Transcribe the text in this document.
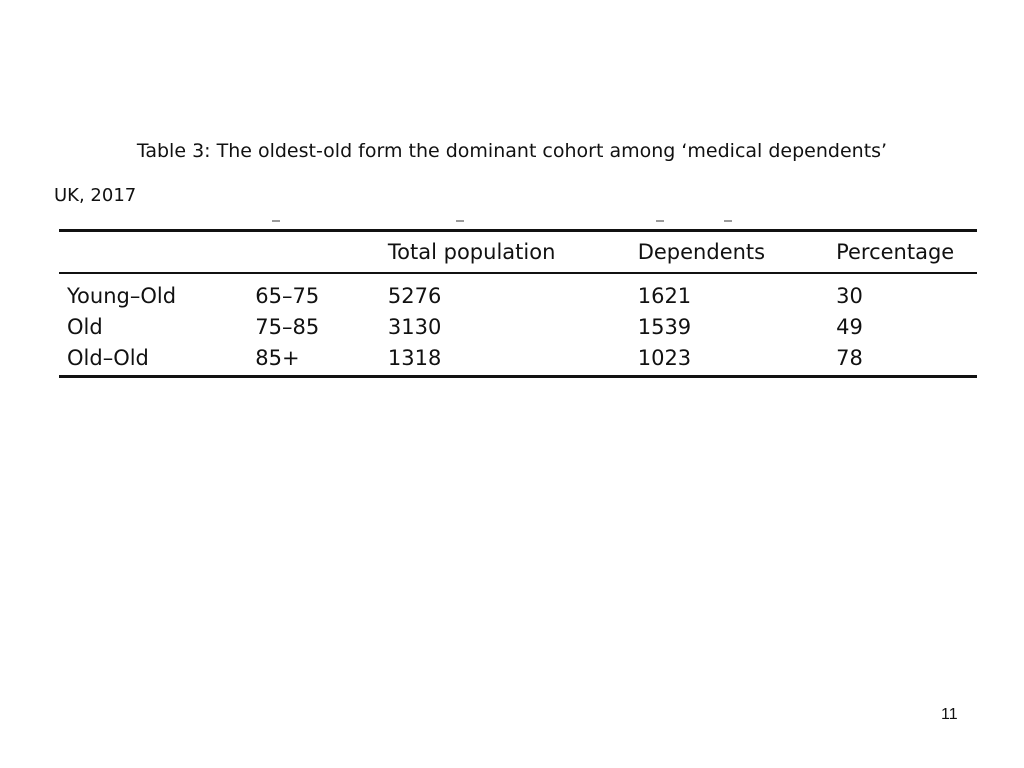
Table 3: The oldest-old form the dominant cohort among ‘medical dependents’
UK, 2017
		Total population	Dependents	Percentage
Young–Old	65–75	5276	1621	30
Old	75–85	3130	1539	49
Old–Old	85+	1318	1023	78
11
